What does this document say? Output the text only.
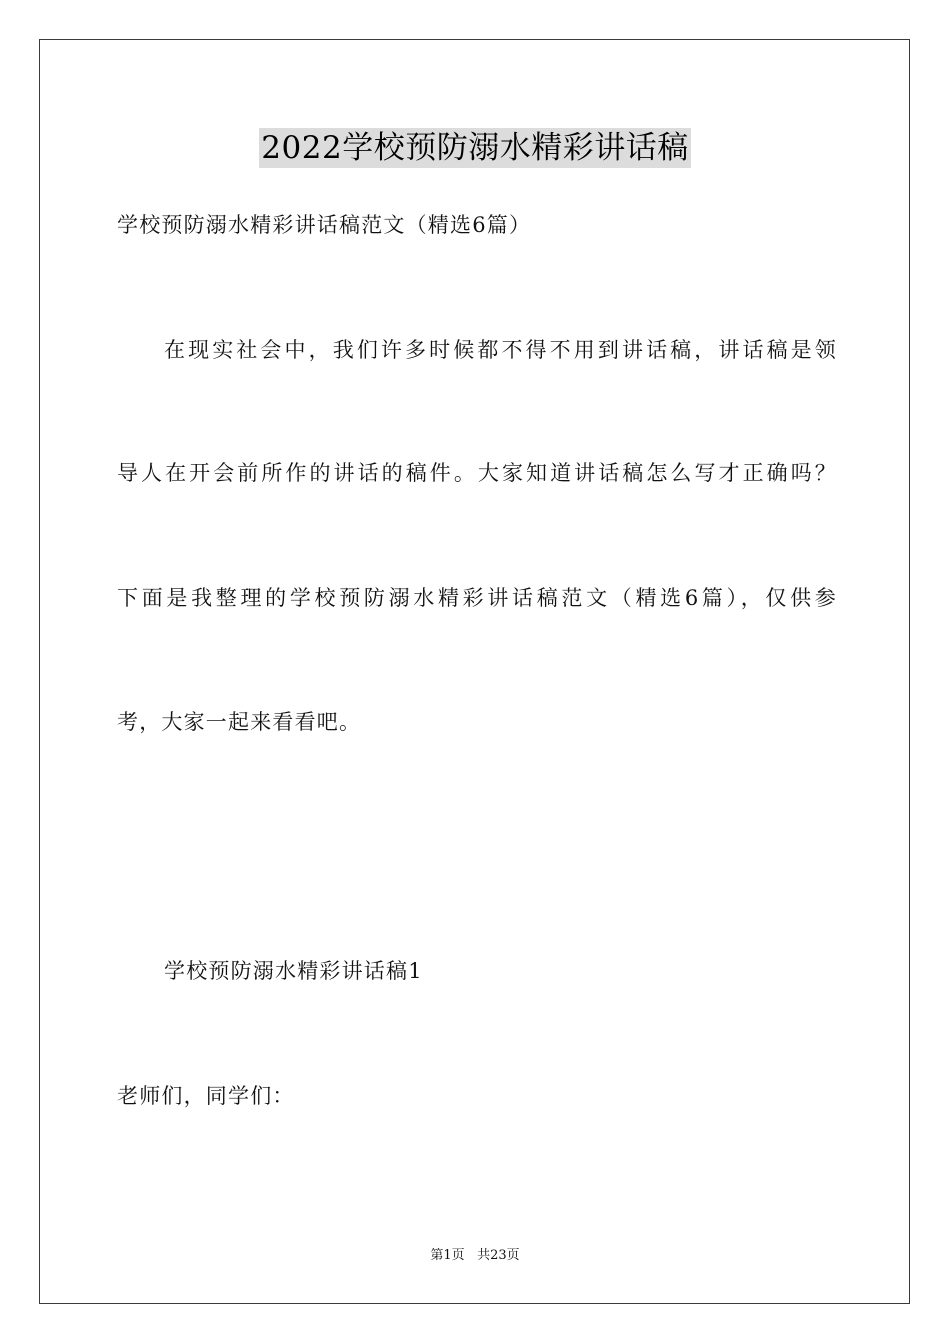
2022学校预防溺水精彩讲话稿
学校预防溺水精彩讲话稿范文（精选6篇）
在现实社会中，我们许多时候都不得不用到讲话稿，讲话稿是领
导人在开会前所作的讲话的稿件。大家知道讲话稿怎么写才正确吗？
下面是我整理的学校预防溺水精彩讲话稿范文（精选6篇），仅供参
考，大家一起来看看吧。
学校预防溺水精彩讲话稿1
老师们，同学们：
第1页 共23页
